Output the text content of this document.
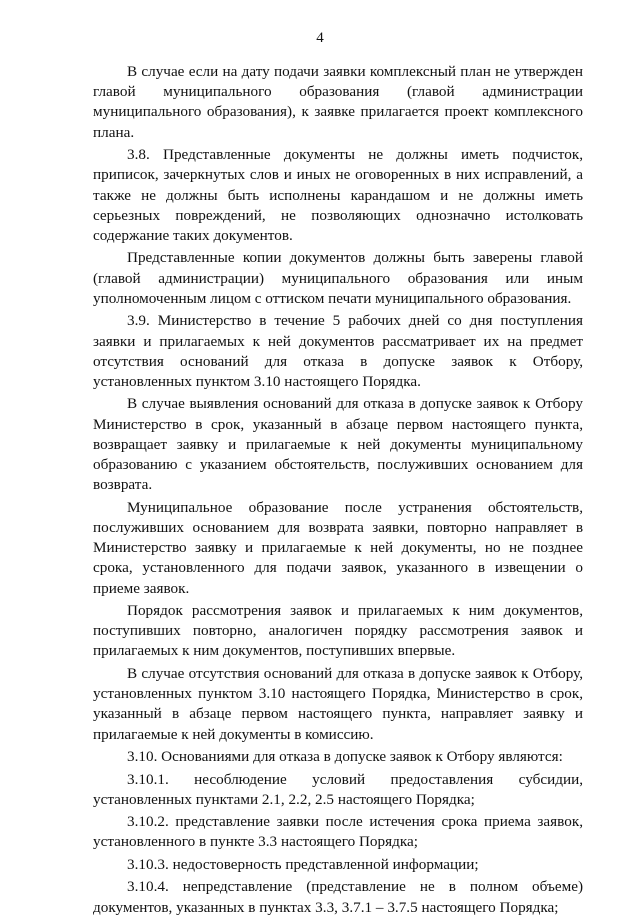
4

В случае если на дату подачи заявки комплексный план не утвержден главой муниципального образования (главой администрации муниципального образования), к заявке прилагается проект комплексного плана.

3.8. Представленные документы не должны иметь подчисток, приписок, зачеркнутых слов и иных не оговоренных в них исправлений, а также не должны быть исполнены карандашом и не должны иметь серьезных повреждений, не позволяющих однозначно истолковать содержание таких документов.

Представленные копии документов должны быть заверены главой (главой администрации) муниципального образования или иным уполномоченным лицом с оттиском печати муниципального образования.

3.9. Министерство в течение 5 рабочих дней со дня поступления заявки и прилагаемых к ней документов рассматривает их на предмет отсутствия оснований для отказа в допуске заявок к Отбору, установленных пунктом 3.10 настоящего Порядка.

В случае выявления оснований для отказа в допуске заявок к Отбору Министерство в срок, указанный в абзаце первом настоящего пункта, возвращает заявку и прилагаемые к ней документы муниципальному образованию с указанием обстоятельств, послуживших основанием для возврата.

Муниципальное образование после устранения обстоятельств, послуживших основанием для возврата заявки, повторно направляет в Министерство заявку и прилагаемые к ней документы, но не позднее срока, установленного для подачи заявок, указанного в извещении о приеме заявок.

Порядок рассмотрения заявок и прилагаемых к ним документов, поступивших повторно, аналогичен порядку рассмотрения заявок и прилагаемых к ним документов, поступивших впервые.

В случае отсутствия оснований для отказа в допуске заявок к Отбору, установленных пунктом 3.10 настоящего Порядка, Министерство в срок, указанный в абзаце первом настоящего пункта, направляет заявку и прилагаемые к ней документы в комиссию.

3.10. Основаниями для отказа в допуске заявок к Отбору являются:

3.10.1. несоблюдение условий предоставления субсидии, установленных пунктами 2.1, 2.2, 2.5 настоящего Порядка;

3.10.2. представление заявки после истечения срока приема заявок, установленного в пункте 3.3 настоящего Порядка;

3.10.3. недостоверность представленной информации;

3.10.4. непредставление (представление не в полном объеме) документов, указанных в пунктах 3.3, 3.7.1 – 3.7.5 настоящего Порядка;
